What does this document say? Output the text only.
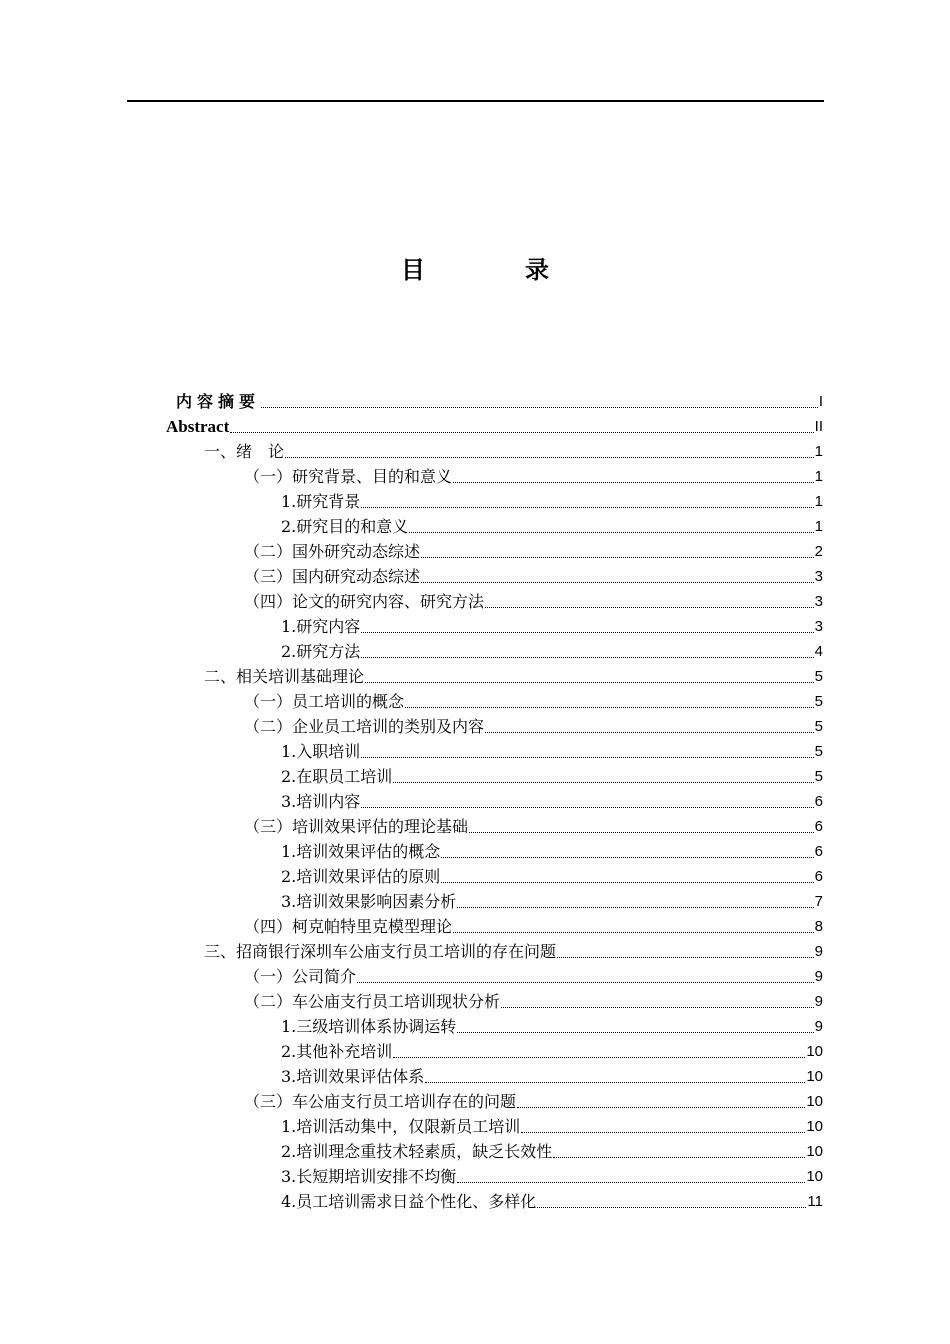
目　录
内容摘要	I
Abstract	II
一、绪　论	1
（一）研究背景、目的和意义	1
1.研究背景	1
2.研究目的和意义	1
（二）国外研究动态综述	2
（三）国内研究动态综述	3
（四）论文的研究内容、研究方法	3
1.研究内容	3
2.研究方法	4
二、相关培训基础理论	5
（一）员工培训的概念	5
（二）企业员工培训的类别及内容	5
1.入职培训	5
2.在职员工培训	5
3.培训内容	6
（三）培训效果评估的理论基础	6
1.培训效果评估的概念	6
2.培训效果评估的原则	6
3.培训效果影响因素分析	7
（四）柯克帕特里克模型理论	8
三、招商银行深圳车公庙支行员工培训的存在问题	9
（一）公司简介	9
（二）车公庙支行员工培训现状分析	9
1.三级培训体系协调运转	9
2.其他补充培训	10
3.培训效果评估体系	10
（三）车公庙支行员工培训存在的问题	10
1.培训活动集中，仅限新员工培训	10
2.培训理念重技术轻素质，缺乏长效性	10
3.长短期培训安排不均衡	10
4.员工培训需求日益个性化、多样化	11
